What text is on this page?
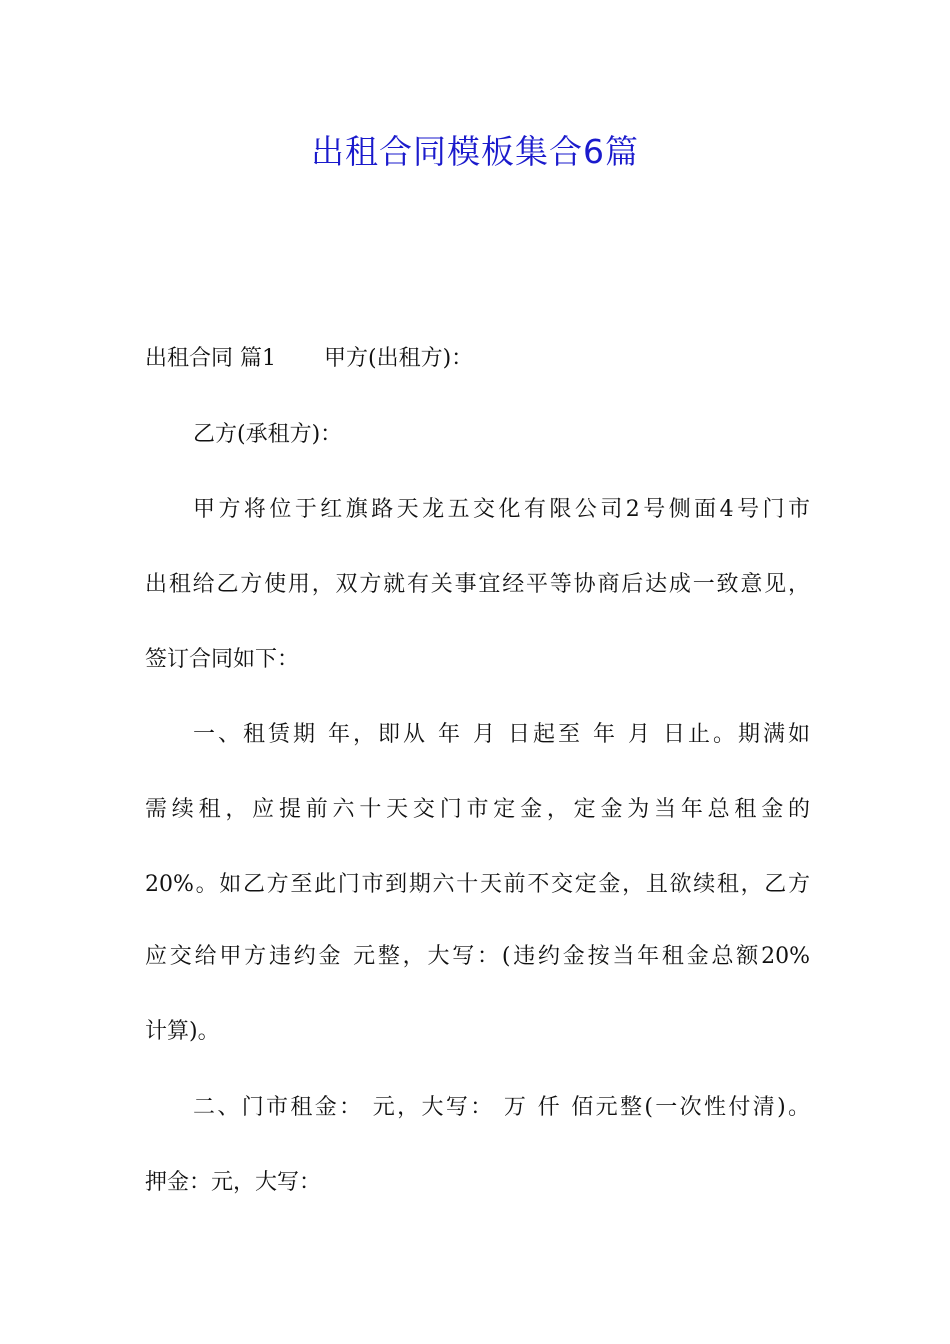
出租合同模板集合6篇
出租合同 篇1 甲方(出租方)：
乙方(承租方)：
甲方将位于红旗路天龙五交化有限公司2号侧面4号门市
出租给乙方使用，双方就有关事宜经平等协商后达成一致意见，
签订合同如下：
一、租赁期 年，即从 年 月 日起至 年 月 日止。期满如
需续租，应提前六十天交门市定金，定金为当年总租金的
20%。如乙方至此门市到期六十天前不交定金，且欲续租，乙方
应交给甲方违约金 元整，大写：(违约金按当年租金总额20%
计算)。
二、门市租金： 元，大写： 万 仟 佰元整(一次性付清)。
押金：元，大写：
